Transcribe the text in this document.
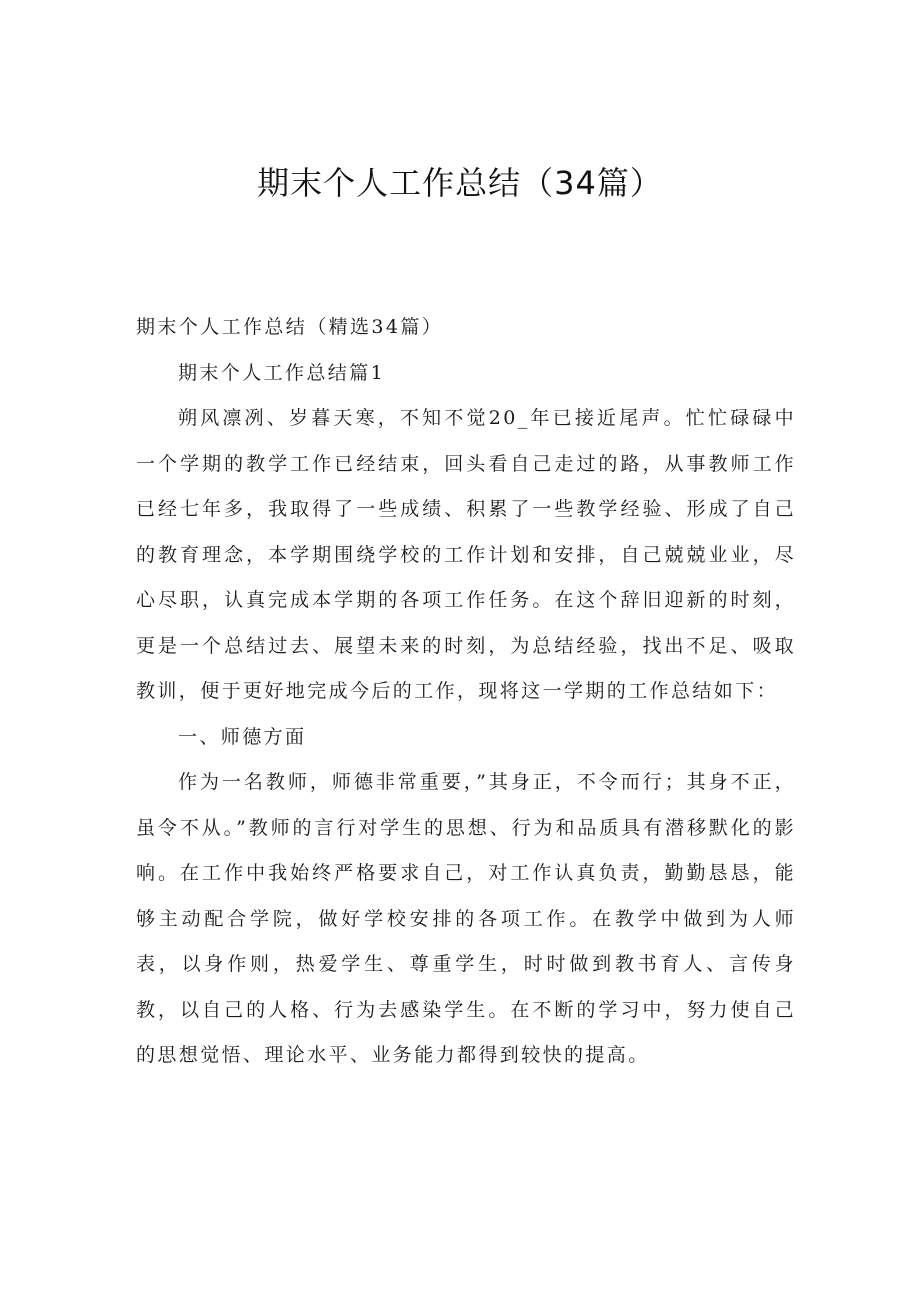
期末个人工作总结（34篇）

期末个人工作总结（精选34篇）

期末个人工作总结篇1

朔风凛冽、岁暮天寒，不知不觉20_年已接近尾声。忙忙碌碌中一个学期的教学工作已经结束，回头看自己走过的路，从事教师工作已经七年多，我取得了一些成绩、积累了一些教学经验、形成了自己的教育理念，本学期围绕学校的工作计划和安排，自己兢兢业业，尽心尽职，认真完成本学期的各项工作任务。在这个辞旧迎新的时刻，更是一个总结过去、展望未来的时刻，为总结经验，找出不足、吸取教训，便于更好地完成今后的工作，现将这一学期的工作总结如下：

一、师德方面

作为一名教师，师德非常重要，”其身正，不令而行；其身不正，虽令不从。”教师的言行对学生的思想、行为和品质具有潜移默化的影响。在工作中我始终严格要求自己，对工作认真负责，勤勤恳恳，能够主动配合学院，做好学校安排的各项工作。在教学中做到为人师表，以身作则，热爱学生、尊重学生，时时做到教书育人、言传身教，以自己的人格、行为去感染学生。在不断的学习中，努力使自己的思想觉悟、理论水平、业务能力都得到较快的提高。
